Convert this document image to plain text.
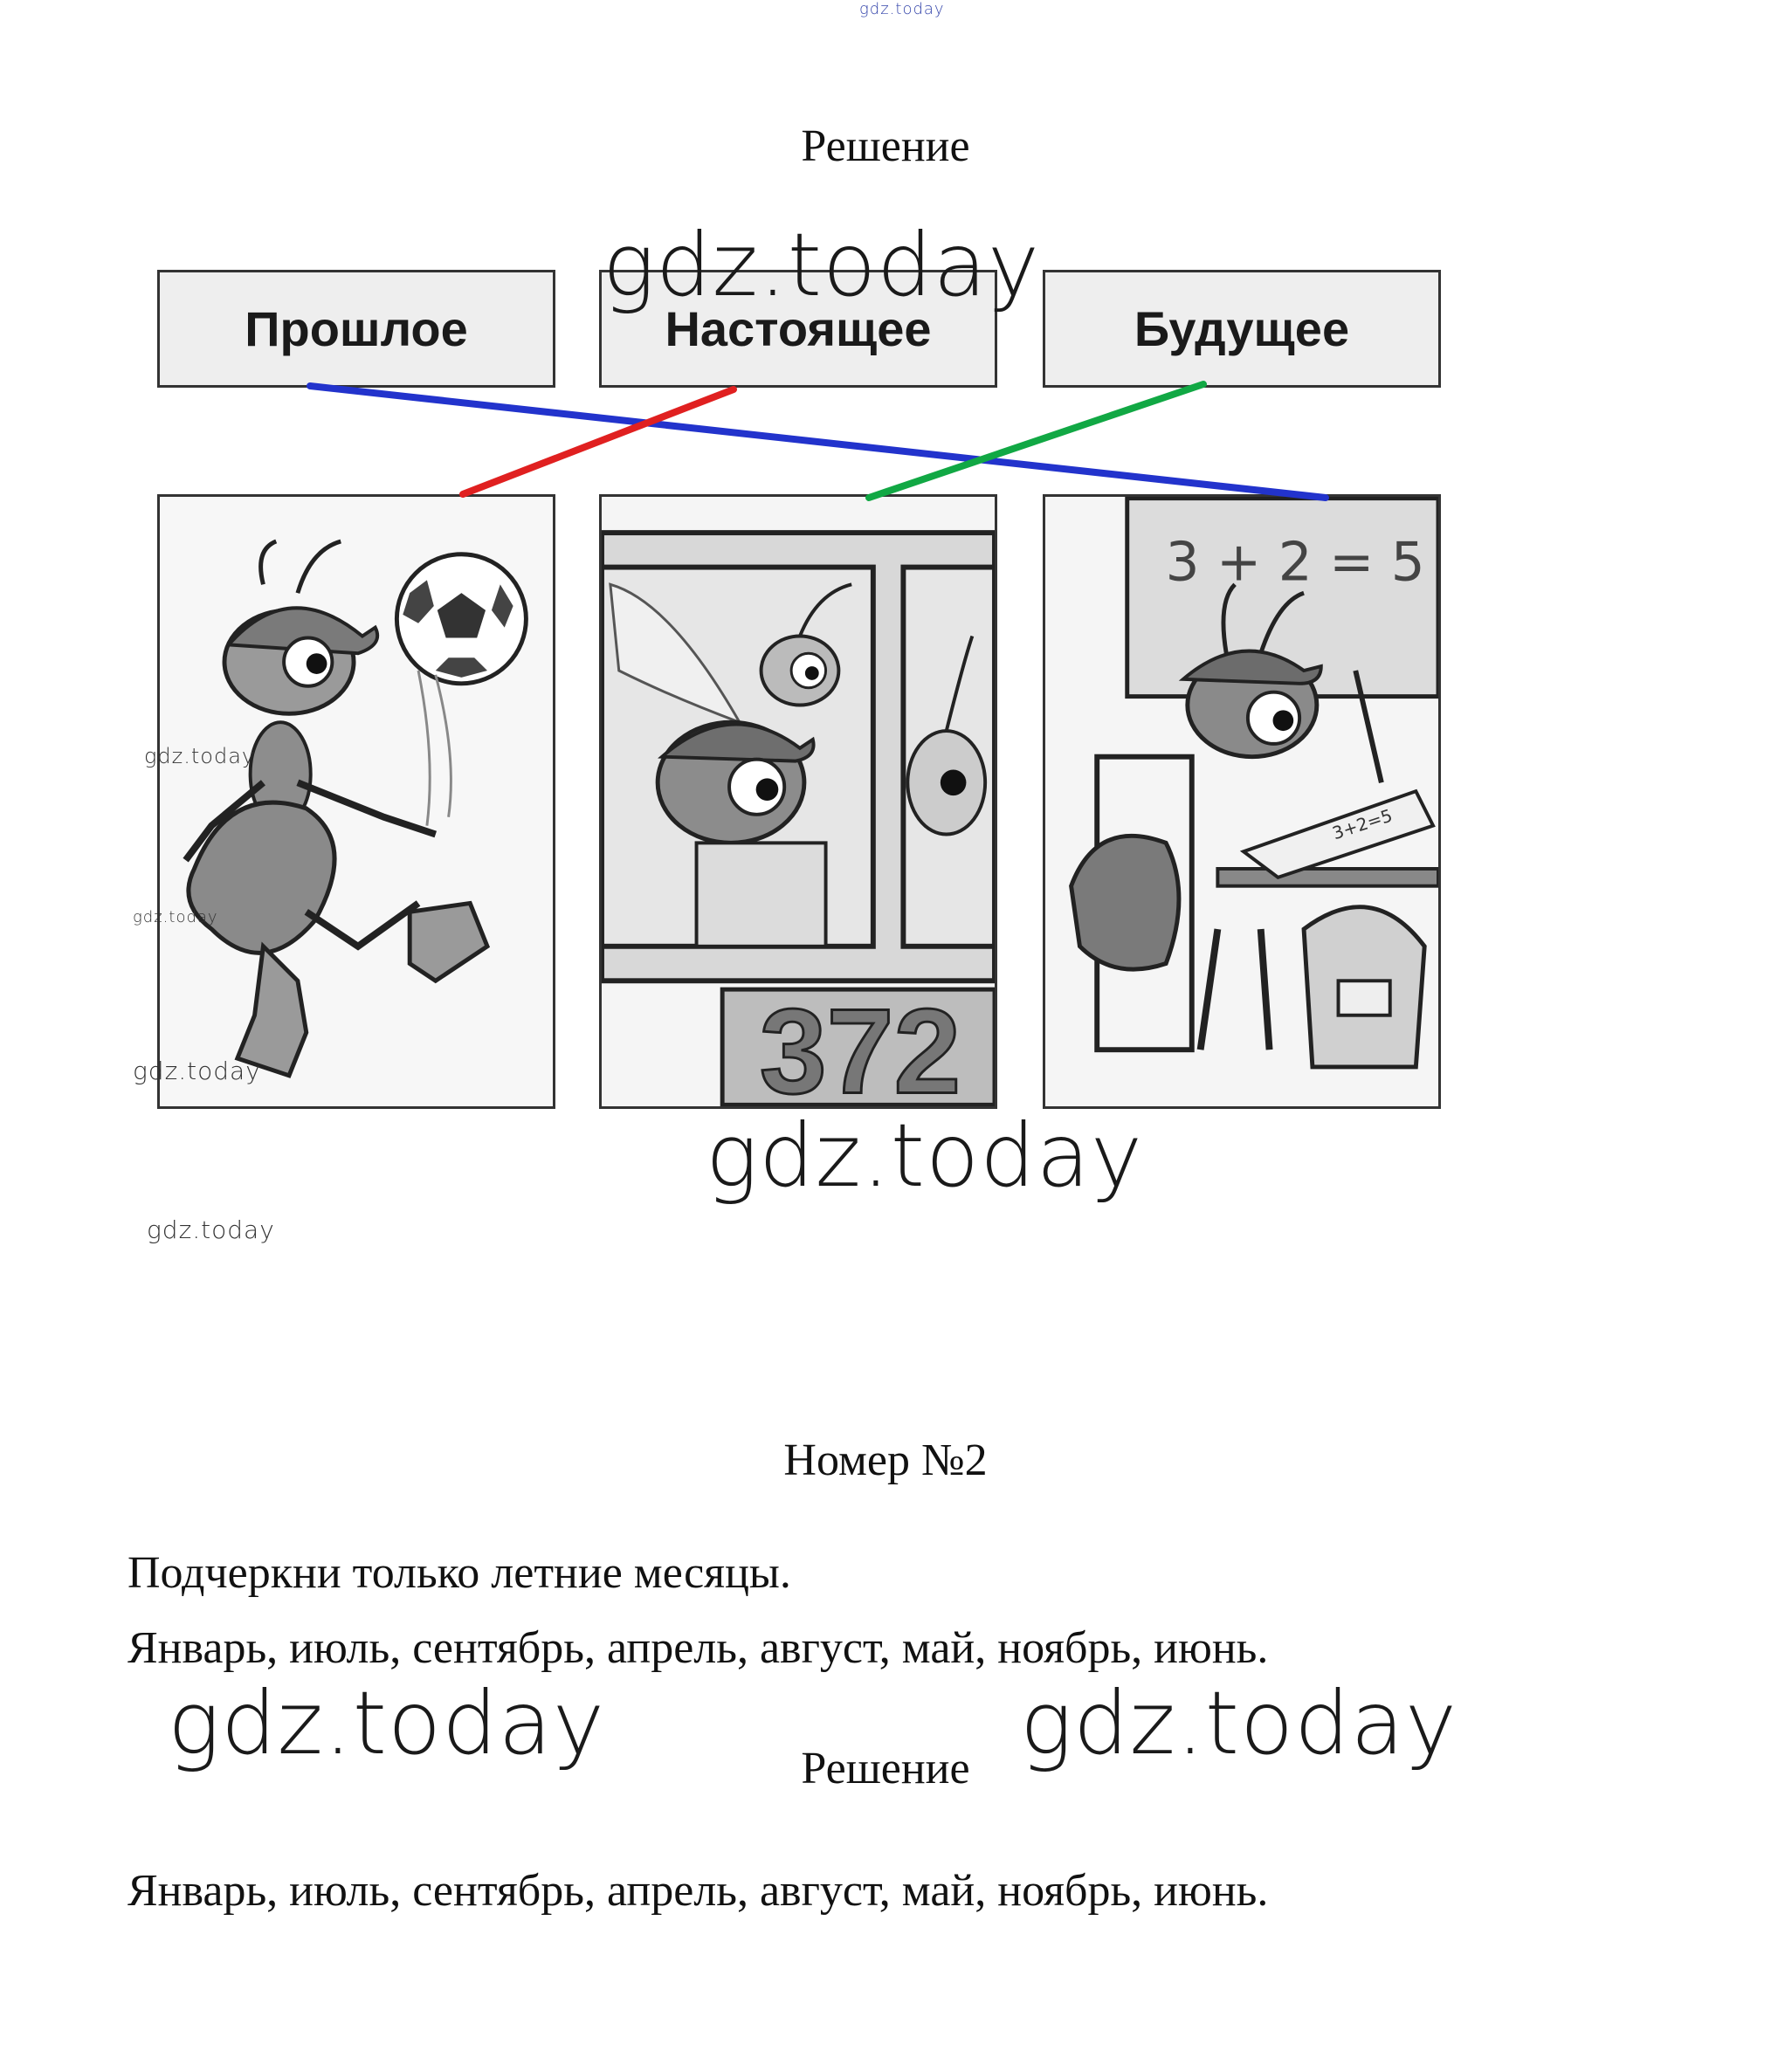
gdz.today
Решение
Прошлое	Настоящее	Будущее
372
3 + 2 = 5
3+2=5
gdz.today
gdz.today
gdz.today
gdz.today
gdz.today
gdz.today
Номер №2
Подчеркни только летние месяцы.
Январь, июль, сентябрь, апрель, август, май, ноябрь, июнь.
gdz.today	gdz.today
Решение
Январь, июль, сентябрь, апрель, август, май, ноябрь, июнь.
